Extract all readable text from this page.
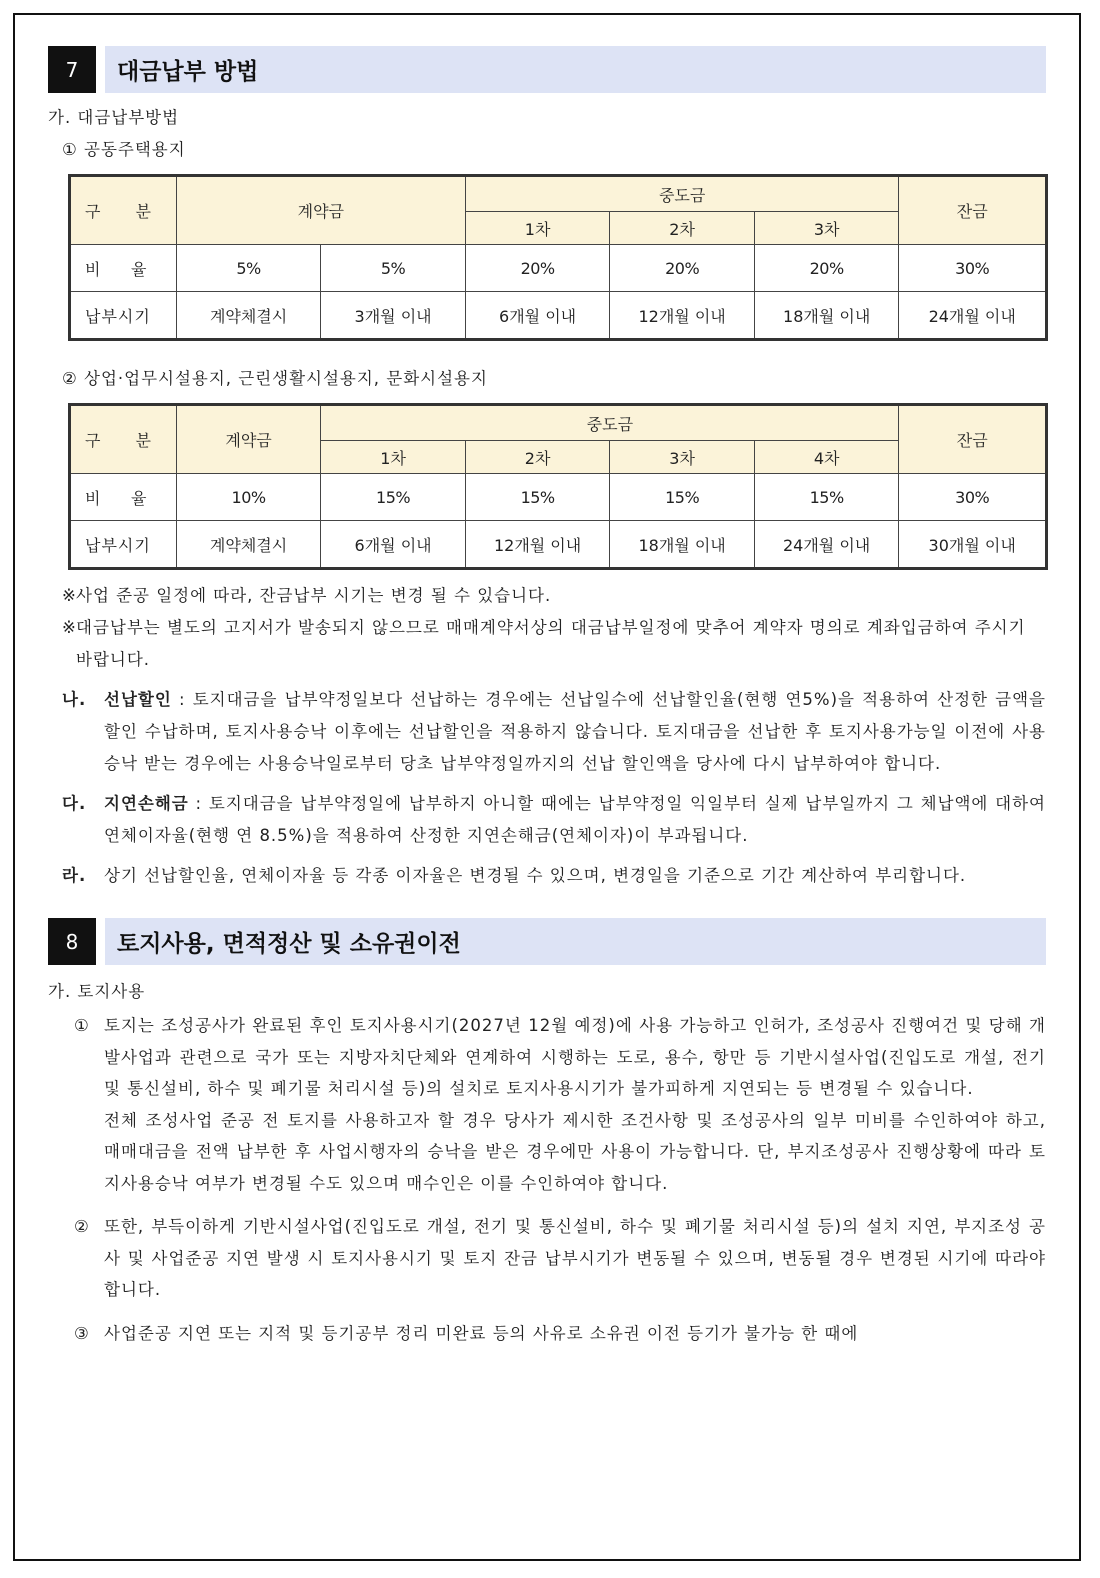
7	대금납부 방법
가. 대금납부방법
① 공동주택용지
구　　분	계약금		중도금			잔금
			1차	2차	3차	
비　　율	5%	5%	20%	20%	20%	30%
납부시기	계약체결시	3개월 이내	6개월 이내	12개월 이내	18개월 이내	24개월 이내
② 상업·업무시설용지, 근린생활시설용지, 문화시설용지
구　　분	계약금	중도금				잔금
		1차	2차	3차	4차	
비　　율	10%	15%	15%	15%	15%	30%
납부시기	계약체결시	6개월 이내	12개월 이내	18개월 이내	24개월 이내	30개월 이내
※ 사업 준공 일정에 따라, 잔금납부 시기는 변경 될 수 있습니다.
※ 대금납부는 별도의 고지서가 발송되지 않으므로 매매계약서상의 대금납부일정에 맞추어 계약자 명의로 계좌입금하여 주시기 바랍니다.
나. 선납할인 : 토지대금을 납부약정일보다 선납하는 경우에는 선납일수에 선납할인율(현행 연5%)을 적용하여 산정한 금액을 할인 수납하며, 토지사용승낙 이후에는 선납할인을 적용하지 않습니다. 토지대금을 선납한 후 토지사용가능일 이전에 사용승낙 받는 경우에는 사용승낙일로부터 당초 납부약정일까지의 선납 할인액을 당사에 다시 납부하여야 합니다.
다. 지연손해금 : 토지대금을 납부약정일에 납부하지 아니할 때에는 납부약정일 익일부터 실제 납부일까지 그 체납액에 대하여 연체이자율(현행 연 8.5%)을 적용하여 산정한 지연손해금(연체이자)이 부과됩니다.
라. 상기 선납할인율, 연체이자율 등 각종 이자율은 변경될 수 있으며, 변경일을 기준으로 기간 계산하여 부리합니다.
8	토지사용, 면적정산 및 소유권이전
가. 토지사용
① 토지는 조성공사가 완료된 후인 토지사용시기(2027년 12월 예정)에 사용 가능하고 인허가, 조성공사 진행여건 및 당해 개발사업과 관련으로 국가 또는 지방자치단체와 연계하여 시행하는 도로, 용수, 항만 등 기반시설사업(진입도로 개설, 전기 및 통신설비, 하수 및 폐기물 처리시설 등)의 설치로 토지사용시기가 불가피하게 지연되는 등 변경될 수 있습니다.
전체 조성사업 준공 전 토지를 사용하고자 할 경우 당사가 제시한 조건사항 및 조성공사의 일부 미비를 수인하여야 하고, 매매대금을 전액 납부한 후 사업시행자의 승낙을 받은 경우에만 사용이 가능합니다. 단, 부지조성공사 진행상황에 따라 토지사용승낙 여부가 변경될 수도 있으며 매수인은 이를 수인하여야 합니다.
② 또한, 부득이하게 기반시설사업(진입도로 개설, 전기 및 통신설비, 하수 및 폐기물 처리시설 등)의 설치 지연, 부지조성 공사 및 사업준공 지연 발생 시 토지사용시기 및 토지 잔금 납부시기가 변동될 수 있으며, 변동될 경우 변경된 시기에 따라야 합니다.
③ 사업준공 지연 또는 지적 및 등기공부 정리 미완료 등의 사유로 소유권 이전 등기가 불가능 한 때에
